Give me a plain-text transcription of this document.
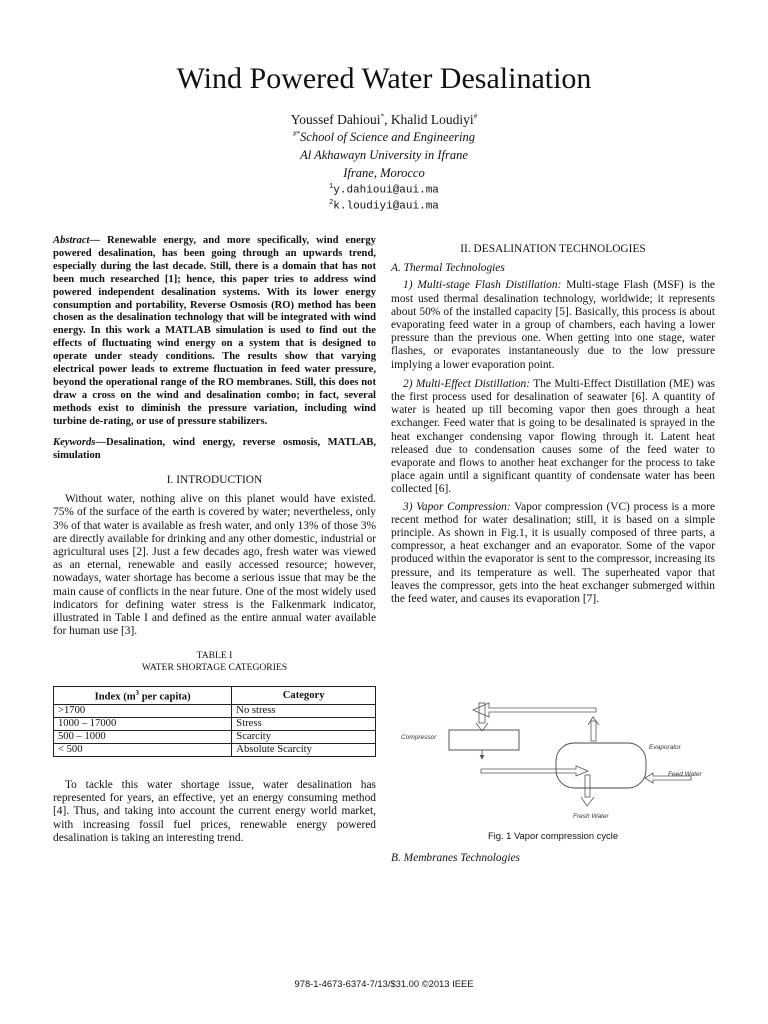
Wind Powered Water Desalination
Youssef Dahioui*, Khalid Loudiyi#
#*School of Science and Engineering
Al Akhawayn University in Ifrane
Ifrane, Morocco
$^1$y.dahioui@aui.ma
$^2$k.loudiyi@aui.ma

Abstract— Renewable energy, and more specifically, wind energy powered desalination, has been going through an upwards trend, especially during the last decade. Still, there is a domain that has not been much researched [1]; hence, this paper tries to address wind powered independent desalination systems. With its lower energy consumption and portability, Reverse Osmosis (RO) method has been chosen as the desalination technology that will be integrated with wind energy. In this work a MATLAB simulation is used to find out the effects of fluctuating wind energy on a system that is designed to operate under steady conditions. The results show that varying electrical power leads to extreme fluctuation in feed water pressure, beyond the operational range of the RO membranes. Still, this does not draw a cross on the wind and desalination combo; in fact, several methods exist to diminish the pressure variation, including wind turbine de-rating, or use of pressure stabilizers.

Keywords—Desalination, wind energy, reverse osmosis, MATLAB, simulation

I. INTRODUCTION

Without water, nothing alive on this planet would have existed. 75% of the surface of the earth is covered by water; nevertheless, only 3% of that water is available as fresh water, and only 13% of those 3% are directly available for drinking and any other domestic, industrial or agricultural uses [2]. Just a few decades ago, fresh water was viewed as an eternal, renewable and easily accessed resource; however, nowadays, water shortage has become a serious issue that may be the main cause of conflicts in the near future. One of the most widely used indicators for defining water stress is the Falkenmark indicator, illustrated in Table I and defined as the entire annual water available for human use [3].

TABLE I
WATER SHORTAGE CATEGORIES

Index ($m^3$ per capita)	Category
>1700	No stress
1000 – 17000	Stress
500 – 1000	Scarcity
< 500	Absolute Scarcity

To tackle this water shortage issue, water desalination has represented for years, an effective, yet an energy consuming method [4]. Thus, and taking into account the current energy world market, with increasing fossil fuel prices, renewable energy powered desalination is taking an interesting trend.

II. DESALINATION TECHNOLOGIES

A. Thermal Technologies

1) Multi-stage Flash Distillation: Multi-stage Flash (MSF) is the most used thermal desalination technology, worldwide; it represents about 50% of the installed capacity [5]. Basically, this process is about evaporating feed water in a group of chambers, each having a lower pressure than the previous one. When getting into one stage, water flashes, or evaporates instantaneously due to the low pressure implying a lower evaporation point.

2) Multi-Effect Distillation: The Multi-Effect Distillation (ME) was the first process used for desalination of seawater [6]. A quantity of water is heated up till becoming vapor then goes through a heat exchanger. Feed water that is going to be desalinated is sprayed in the heat exchanger condensing vapor flowing through it. Latent heat released due to condensation causes some of the feed water to evaporate and flows to another heat exchanger for the process to take place again until a significant quantity of condensate water has been collected [6].

3) Vapor Compression: Vapor compression (VC) process is a more recent method for water desalination; still, it is based on a simple principle. As shown in Fig.1, it is usually composed of three parts, a compressor, a heat exchanger and an evaporator. Some of the vapor produced within the evaporator is sent to the compressor, increasing its pressure, and its temperature as well. The superheated vapor that leaves the compressor, gets into the heat exchanger submerged within the feed water, and causes its evaporation [7].

Compressor
Evaporator
Feed Water
Fresh Water
Fig. 1 Vapor compression cycle
B. Membranes Technologies
978-1-4673-6374-7/13/$31.00 ©2013 IEEE
